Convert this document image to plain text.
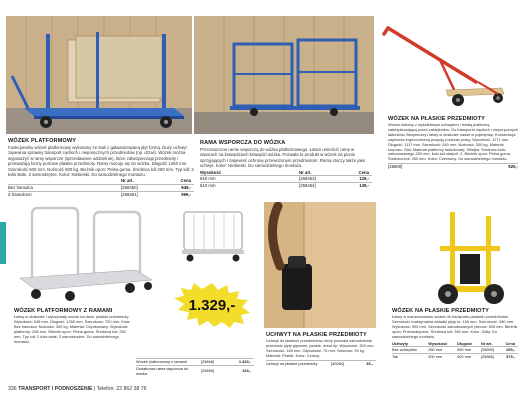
WÓZEK PLATFORMOWY
Funkcjonalny wózek platformowy wykonany ze stali z galwanizowaną płyt formą. Duży uchwyt zapewnia sprawny transport ciężkich i nieporęcznych przedmiotów (np. drzwi). Wózek można wyposażyć w ramy wsporcze (sprzedawane oddzielnie), które zabezpieczają przedmioty i przeważają formy portowe płaskie przedmioty. Ramy mocuje się do wózka. Długość 1250 mm. Szerokość 600 mm. Nośność 600 kg. Bieżnik opon: Pełna guma. Średnica kół 200 mm. Typ kół: 2 koła stałe, 2 samoskrętne. Kolor: Niebieski. Do samodzielnego montażu.
	Nr art.	Cena
Bez hamulca	[258450]	949,-
Z hamulcem	[258451]	999,-
RAMA WSPORCZA DO WÓZKA
Przeznaczone ramie wsporczą do wózka platformowego. Łatwo umieścić ramę w otworach na krawędziach krawędzi wózka. Pozwala to produkt w wózek na pionie sprzyjających i zapewnić ochronę przewożonym przedmiotom. Rama stoczy także jako uchwyt. Kolor: Niebieski. Do samodzielnego montażu.
Wysokość	Nr art.	Cena
610 mm	[258453]	129,-
510 mm	[258454]	139,-
WÓZEK NA PŁASKIE PRZEDMIOTY
Wózek stalowy z wyściełanym uchwytem i trwałą platformą zabezpieczającą przed zaklejeniem. Do transportu ciężkich i nieporęcznych ładunków. Bezpieczny i łatwy w obsłudze nawet w pojedynkę. Konstrukcja zapewnia ergonomiczną pozycję podczas pracy. Wysokość: 1171 mm. Długość: 1117 mm. Szerokość: 540 mm. Nośność: 300 kg. Materiał korpusu: Stal. Materiał platformy ładunkowej: Sklejka. Średnica koła: zabudowanego 250 mm, koło kół stałych: 2. Bieżnik opon: Pełna guma. Średnica kół: 250 mm. Kolor: Czerwony. Do samodzielnego montażu.
[25860]	920,-
1.329,-
WÓZEK PLATFORMOWY Z RAMAMI
Łatwy w obsłudze i wytrzymały wózek na duże, płaskie przedmioty. Wysokość: 945 mm. Długość: 1250 mm. Szerokość: 700 mm. Koła: Bez hamulca. Nośność: 300 kg. Materiał: Ocynkowany. Wysokość platformy: 265 mm. Bieżnik opon: Pełna guma. Średnica kół: 250 mm. Typ kół: 2 koła stałe, 2 samoskrętne. Do samodzielnego montażu.
Wózek platformowy z ramami	[25868]	1.329,-
Dodatkowa rama wsporcza do wózka	[25869]	129,-
UCHWYT NA PŁASKIE PRZEDMIOTY
Uchwyt do płaskich przedmiotów, który pozwala samodzielnie przenosić płyty gipsowe, panele, drzwi itp. Wysokość: 300 mm. Szerokość: 165 mm. Głębokość: 75 mm. Nośność: 90 kg. Materiał: Plastik. Kolor: Czarny.
Uchwyt na płaskie przedmioty	[40084]	36,-
WÓZEK NA PŁASKIE PRZEDMIOTY
Łatwy w manewrowaniu wózek do transportu płaskich przedmiotów. Szerokość maksymalna wkładki płyty to: 165 mm. Szerokość: 380 mm. Wysokość: 900 mm. Szerokość zabudowanych pleców: 505 mm. Bieżnik opon: Pneumatyczne. Średnica kół: 260 mm. Kolor: Żółty. Do samodzielnego montażu.
Uchwyty	Wysokość	Długość	Nr art.	Cena
Bez uchwytów	260 mm	490 mm	[25859]	299,-
Tak	900 mm	500 mm	[25865]	379,-
336 TRANSPORT I PODNOSZENIE | Telefon: 22 862 38 76
